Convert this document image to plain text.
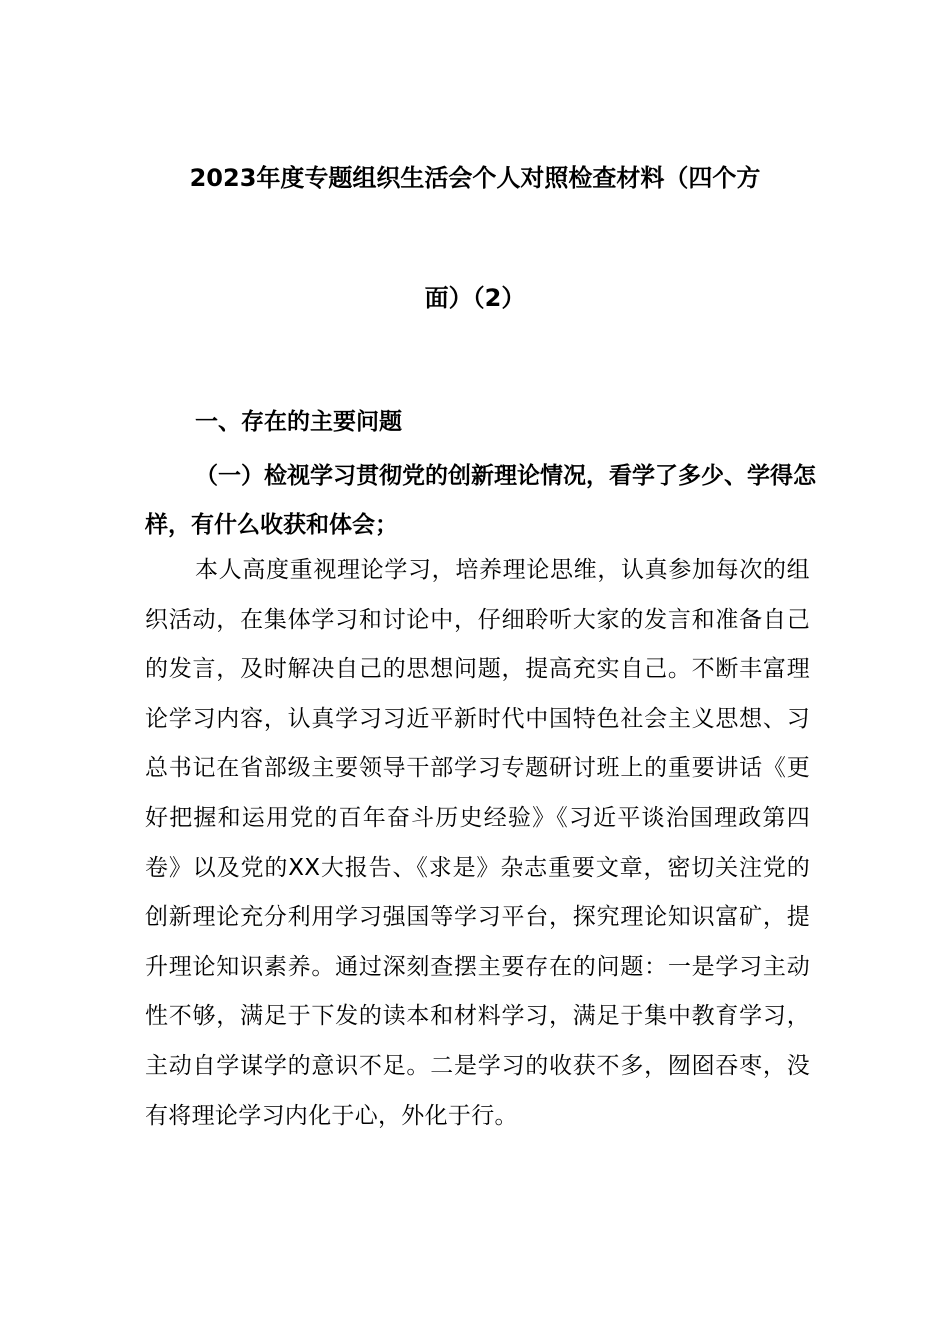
2023年度专题组织生活会个人对照检查材料（四个方
面）（2）
一、存在的主要问题

（一）检视学习贯彻党的创新理论情况，看学了多少、学得怎样，有什么收获和体会；

本人高度重视理论学习，培养理论思维，认真参加每次的组织活动，在集体学习和讨论中，仔细聆听大家的发言和准备自己的发言，及时解决自己的思想问题，提高充实自己。不断丰富理论学习内容，认真学习习近平新时代中国特色社会主义思想、习总书记在省部级主要领导干部学习专题研讨班上的重要讲话《更好把握和运用党的百年奋斗历史经验》《习近平谈治国理政第四卷》以及党的XX大报告、《求是》杂志重要文章，密切关注党的创新理论充分利用学习强国等学习平台，探究理论知识富矿，提升理论知识素养。通过深刻查摆主要存在的问题：一是学习主动性不够，满足于下发的读本和材料学习，满足于集中教育学习，主动自学谋学的意识不足。二是学习的收获不多，囫囵吞枣，没有将理论学习内化于心，外化于行。
